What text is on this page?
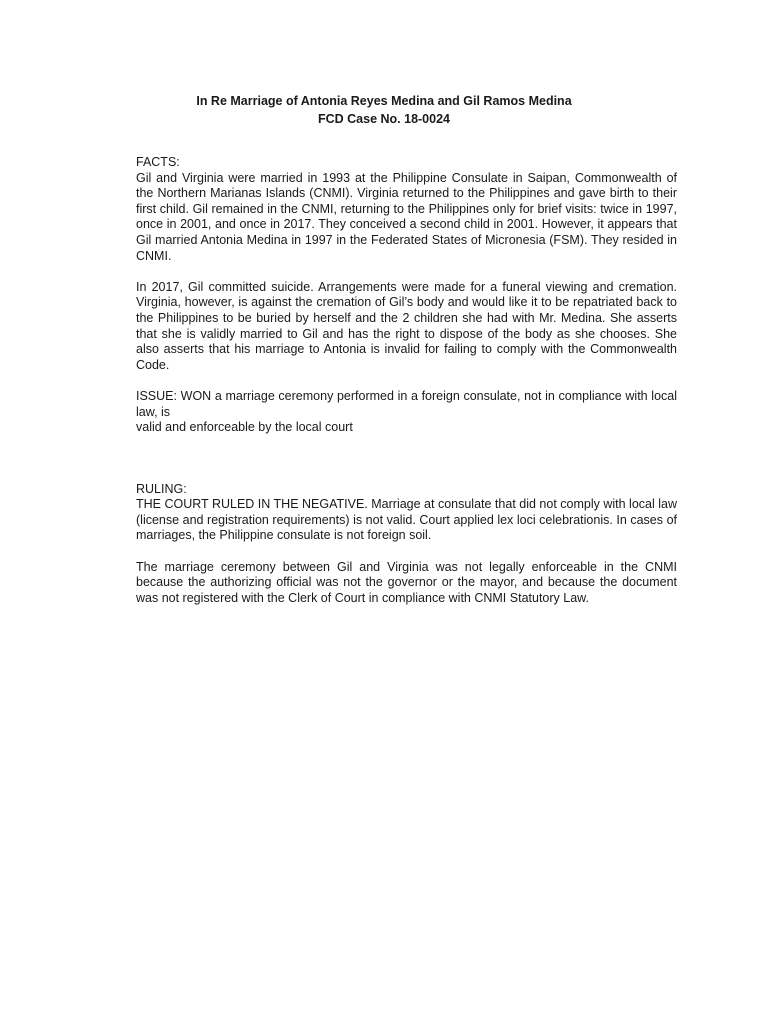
In Re Marriage of Antonia Reyes Medina and Gil Ramos Medina
FCD Case No. 18-0024
FACTS:

Gil and Virginia were married in 1993 at the Philippine Consulate in Saipan, Commonwealth of the Northern Marianas Islands (CNMI). Virginia returned to the Philippines and gave birth to their first child. Gil remained in the CNMI, returning to the Philippines only for brief visits: twice in 1997, once in 2001, and once in 2017. They conceived a second child in 2001. However, it appears that Gil married Antonia Medina in 1997 in the Federated States of Micronesia (FSM). They resided in CNMI.

In 2017, Gil committed suicide. Arrangements were made for a funeral viewing and cremation. Virginia, however, is against the cremation of Gil’s body and would like it to be repatriated back to the Philippines to be buried by herself and the 2 children she had with Mr. Medina. She asserts that she is validly married to Gil and has the right to dispose of the body as she chooses. She also asserts that his marriage to Antonia is invalid for failing to comply with the Commonwealth Code.

ISSUE: WON a marriage ceremony performed in a foreign consulate, not in compliance with local law, is

valid and enforceable by the local court
RULING:

THE COURT RULED IN THE NEGATIVE. Marriage at consulate that did not comply with local law (license and registration requirements) is not valid. Court applied lex loci celebrationis. In cases of marriages, the Philippine consulate is not foreign soil.

The marriage ceremony between Gil and Virginia was not legally enforceable in the CNMI because the authorizing official was not the governor or the mayor, and because the document was not registered with the Clerk of Court in compliance with CNMI Statutory Law.
